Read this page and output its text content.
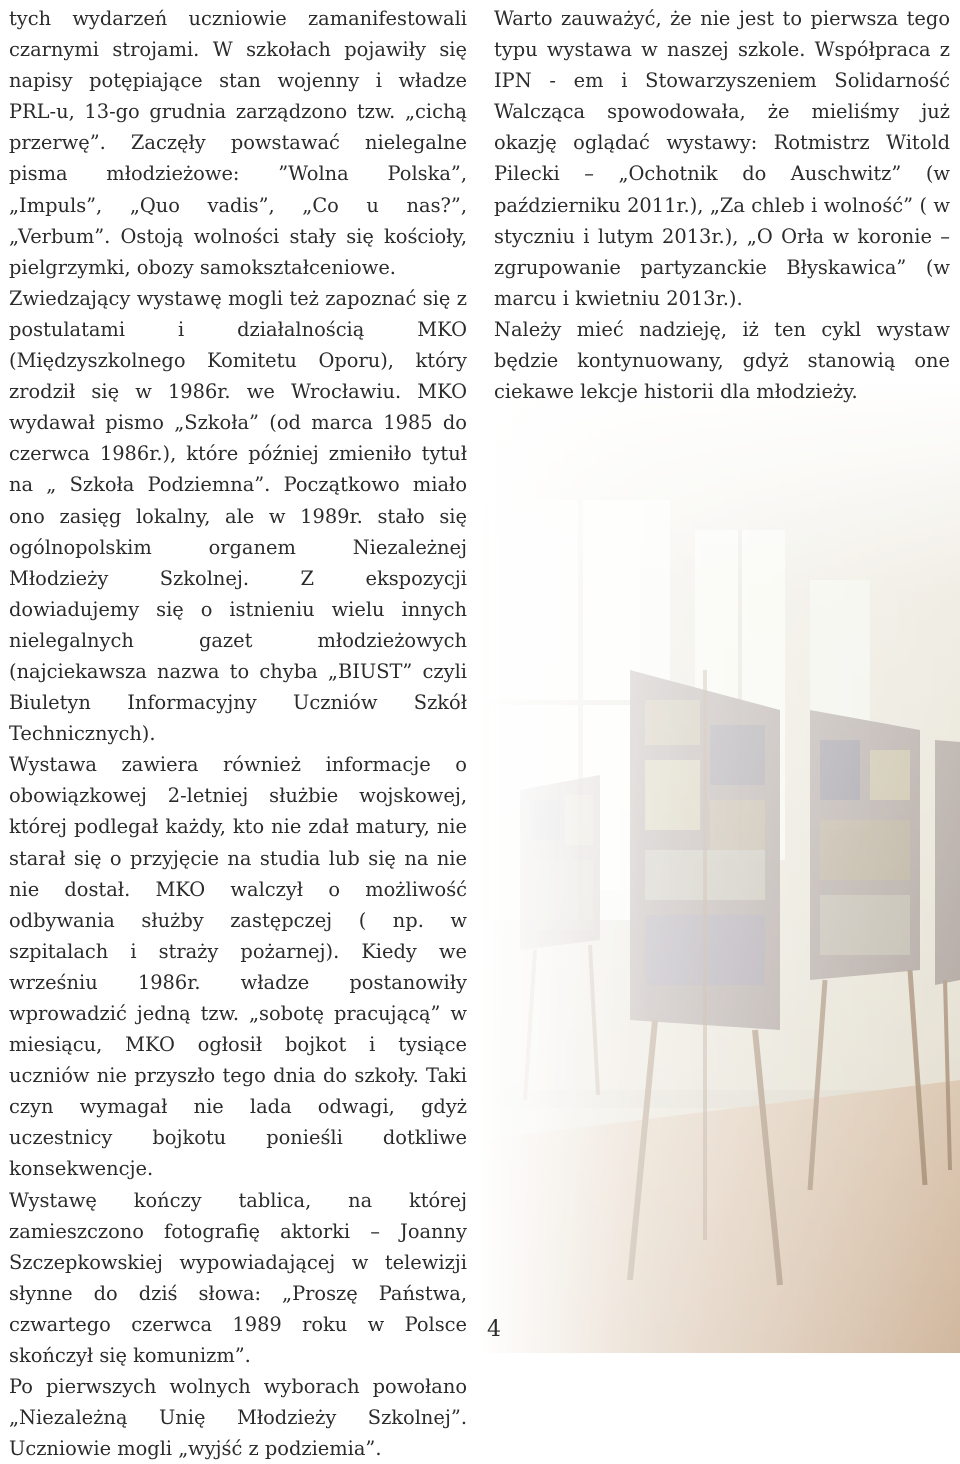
tych wydarzeń uczniowie zamanifestowali czarnymi strojami. W szkołach pojawiły się napisy potępiające stan wojenny i władze PRL-u, 13-go grudnia zarządzono tzw. „cichą przerwę”. Zaczęły powstawać nielegalne pisma młodzieżowe: ”Wolna Polska”, „Impuls”, „Quo vadis”, „Co u nas?”, „Verbum”. Ostoją wolności stały się kościoły, pielgrzymki, obozy samokształceniowe.

Zwiedzający wystawę mogli też zapoznać się z postulatami i działalnością MKO (Międzyszkolnego Komitetu Oporu), który zrodził się w 1986r. we Wrocławiu. MKO wydawał pismo „Szkoła” (od marca 1985 do czerwca 1986r.), które później zmieniło tytuł na „ Szkoła Podziemna”. Początkowo miało ono zasięg lokalny, ale w 1989r. stało się ogólnopolskim organem Niezależnej Młodzieży Szkolnej. Z ekspozycji dowiadujemy się o istnieniu wielu innych nielegalnych gazet młodzieżowych (najciekawsza nazwa to chyba „BIUST” czyli Biuletyn Informacyjny Uczniów Szkół Technicznych).

Wystawa zawiera również informacje o obowiązkowej 2-letniej służbie wojskowej, której podlegał każdy, kto nie zdał matury, nie starał się o przyjęcie na studia lub się na nie nie dostał. MKO walczył o możliwość odbywania służby zastępczej ( np. w szpitalach i straży pożarnej). Kiedy we wrześniu 1986r. władze postanowiły wprowadzić jedną tzw. „sobotę pracującą” w miesiącu, MKO ogłosił bojkot i tysiące uczniów nie przyszło tego dnia do szkoły. Taki czyn wymagał nie lada odwagi, gdyż uczestnicy bojkotu ponieśli dotkliwe konsekwencje.

Wystawę kończy tablica, na której zamieszczono fotografię aktorki – Joanny Szczepkowskiej wypowiadającej w telewizji słynne do dziś słowa: „Proszę Państwa, czwartego czerwca 1989 roku w Polsce skończył się komunizm”.

Po pierwszych wolnych wyborach powołano „Niezależną Unię Młodzieży Szkolnej”. Uczniowie mogli „wyjść z podziemia”.

Warto zauważyć, że nie jest to pierwsza tego typu wystawa w naszej szkole. Współpraca z IPN - em i Stowarzyszeniem Solidarność Walcząca spowodowała, że mieliśmy już okazję oglądać wystawy: Rotmistrz Witold Pilecki – „Ochotnik do Auschwitz” (w październiku 2011r.), „Za chleb i wolność” ( w styczniu i lutym 2013r.), „O Orła w koronie – zgrupowanie partyzanckie Błyskawica” (w marcu i kwietniu 2013r.).

Należy mieć nadzieję, iż ten cykl wystaw będzie kontynuowany, gdyż stanowią one ciekawe lekcje historii dla młodzieży.

4
